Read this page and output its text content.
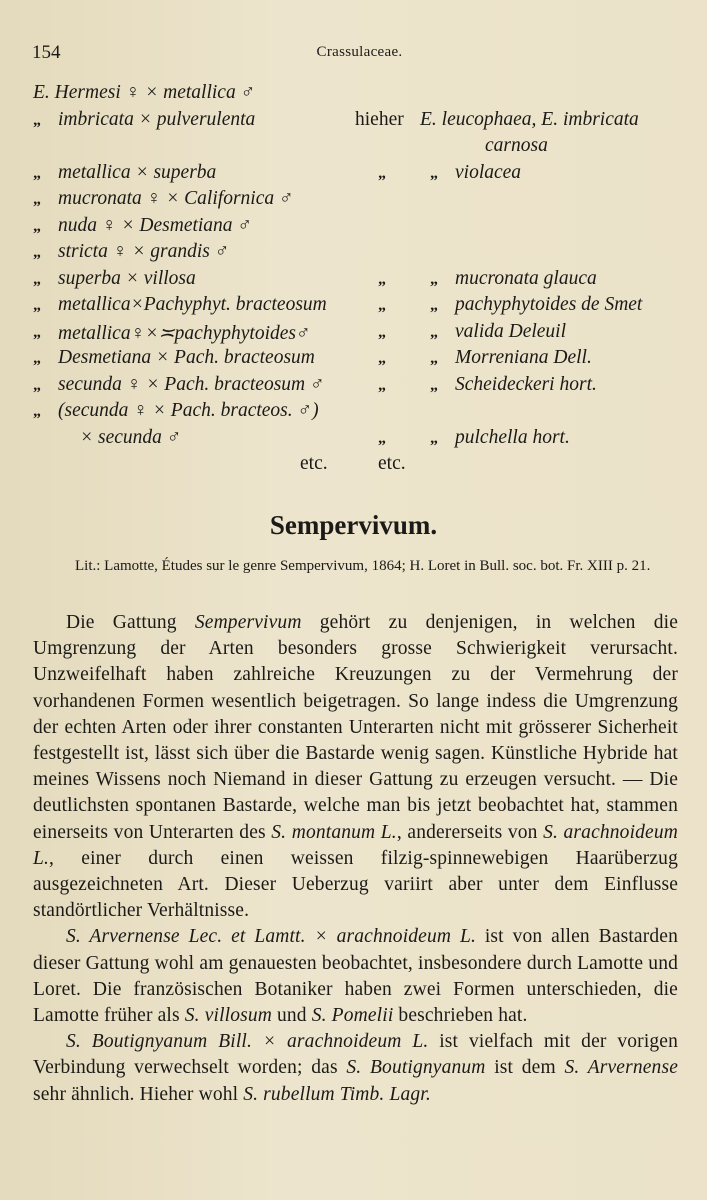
154	Crassulaceae.
E. Hermesi ♀ × metallica ♂
„ imbricata × pulverulenta	hieher E. leucophaea, E. imbricata
carnosa
„ metallica × superba	„	„ violacea
„ mucronata ♀ × Californica ♂
„ nuda ♀ × Desmetiana ♂
„ stricta ♀ × grandis ♂
„ superba × villosa	„	„ mucronata glauca
„ metallica×Pachyphyt. bracteosum	„	„ pachyphytoides de Smet
„ metallica♀×≍pachyphytoides♂	„	„ valida Deleuil
„ Desmetiana × Pach. bracteosum	„	„ Morreniana Dell.
„ secunda ♀ × Pach. bracteosum ♂	„	„ Scheideckeri hort.
„ (secunda ♀ × Pach. bracteos. ♂)
× secunda ♂	„	„ pulchella hort.
etc.	etc.
Sempervivum.
Lit.: Lamotte, Études sur le genre Sempervivum, 1864; H. Loret in Bull. soc. bot. Fr. XIII p. 21.

Die Gattung Sempervivum gehört zu denjenigen, in welchen die Umgrenzung der Arten besonders grosse Schwierigkeit verursacht. Unzweifelhaft haben zahlreiche Kreuzungen zu der Vermehrung der vorhandenen Formen wesentlich beigetragen. So lange indess die Umgrenzung der echten Arten oder ihrer constanten Unterarten nicht mit grösserer Sicherheit festgestellt ist, lässt sich über die Bastarde wenig sagen. Künstliche Hybride hat meines Wissens noch Niemand in dieser Gattung zu erzeugen versucht. — Die deutlichsten spontanen Bastarde, welche man bis jetzt beobachtet hat, stammen einerseits von Unterarten des S. montanum L., andererseits von S. arachnoideum L., einer durch einen weissen filzig-spinnewebigen Haarüberzug ausgezeichneten Art. Dieser Ueberzug variirt aber unter dem Einflusse standörtlicher Verhältnisse.

S. Arvernense Lec. et Lamtt. × arachnoideum L. ist von allen Bastarden dieser Gattung wohl am genauesten beobachtet, insbesondere durch Lamotte und Loret. Die französischen Botaniker haben zwei Formen unterschieden, die Lamotte früher als S. villosum und S. Pomelii beschrieben hat.

S. Boutignyanum Bill. × arachnoideum L. ist vielfach mit der vorigen Verbindung verwechselt worden; das S. Boutignyanum ist dem S. Arvernense sehr ähnlich. Hieher wohl S. rubellum Timb. Lagr.
